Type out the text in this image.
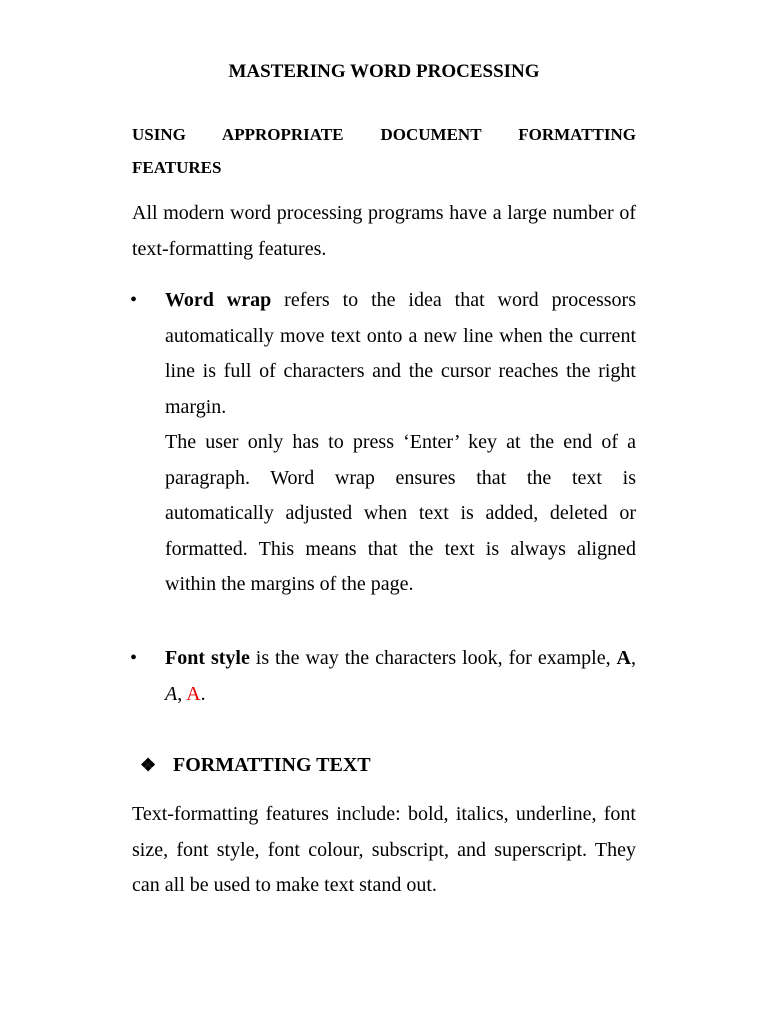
MASTERING WORD PROCESSING
USING APPROPRIATE DOCUMENT FORMATTING
FEATURES
All modern word processing programs have a large number of text-formatting features.
• Word wrap refers to the idea that word processors automatically move text onto a new line when the current line is full of characters and the cursor reaches the right margin.

The user only has to press ‘Enter’ key at the end of a paragraph. Word wrap ensures that the text is automatically adjusted when text is added, deleted or formatted. This means that the text is always aligned within the margins of the page.

• Font style is the way the characters look, for example, A, A, A.

❖ FORMATTING TEXT
Text-formatting features include: bold, italics, underline, font size, font style, font colour, subscript, and superscript. They can all be used to make text stand out.
